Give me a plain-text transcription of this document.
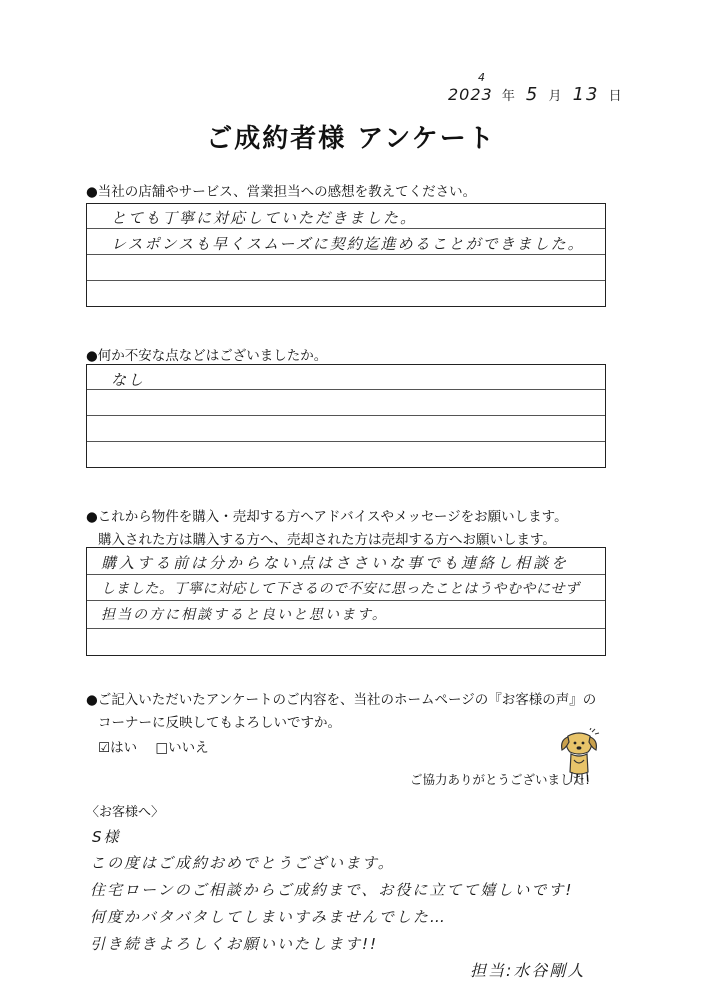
2023
4
年 5 月 13 日
ご成約者様 アンケート
●当社の店舗やサービス、営業担当への感想を教えてください。
とても丁寧に対応していただきました。
レスポンスも早くスムーズに契約迄進めることができました。
●何か不安な点などはございましたか。
なし
●これから物件を購入・売却する方へアドバイスやメッセージをお願いします。
購入された方は購入する方へ、売却された方は売却する方へお願いします。
購入する前は分からない点はささいな事でも連絡し相談を
しました。丁寧に対応して下さるので不安に思ったことはうやむやにせず
担当の方に相談すると良いと思います。
●ご記入いただいたアンケートのご内容を、当社のホームページの『お客様の声』の
コーナーに反映してもよろしいですか。
☑はい □いいえ
ご協力ありがとうございました!
〈お客様へ〉
S様
この度はご成約おめでとうございます。
住宅ローンのご相談からご成約まで、お役に立てて嬉しいです!
何度かバタバタしてしまいすみませんでした…
引き続きよろしくお願いいたします!!
担当:水谷剛人
